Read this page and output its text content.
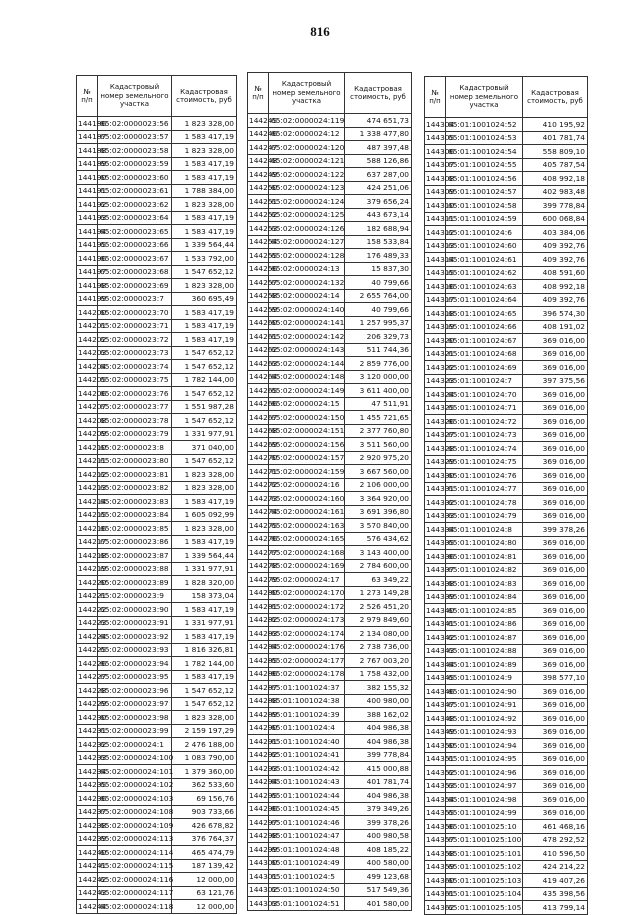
816
№ п/п	Кадастровый номер земельного участка	Кадастровая стоимость, руб
144186	65:02:0000023:56	1 823 328,00
144187	65:02:0000023:57	1 583 417,19
144188	65:02:0000023:58	1 823 328,00
144189	65:02:0000023:59	1 583 417,19
144190	65:02:0000023:60	1 583 417,19
144191	65:02:0000023:61	1 788 384,00
144192	65:02:0000023:62	1 823 328,00
144193	65:02:0000023:64	1 583 417,19
144194	65:02:0000023:65	1 583 417,19
144195	65:02:0000023:66	1 339 564,44
144196	65:02:0000023:67	1 533 792,00
144197	65:02:0000023:68	1 547 652,12
144198	65:02:0000023:69	1 823 328,00
144199	65:02:0000023:7	360 695,49
144200	65:02:0000023:70	1 583 417,19
144201	65:02:0000023:71	1 583 417,19
144202	65:02:0000023:72	1 583 417,19
144203	65:02:0000023:73	1 547 652,12
144204	65:02:0000023:74	1 547 652,12
144205	65:02:0000023:75	1 782 144,00
144206	65:02:0000023:76	1 547 652,12
144207	65:02:0000023:77	1 551 987,28
144208	65:02:0000023:78	1 547 652,12
144209	65:02:0000023:79	1 331 977,91
144210	65:02:0000023:8	371 040,00
144211	65:02:0000023:80	1 547 652,12
144212	65:02:0000023:81	1 823 328,00
144213	65:02:0000023:82	1 823 328,00
144214	65:02:0000023:83	1 583 417,19
144215	65:02:0000023:84	1 605 092,99
144216	65:02:0000023:85	1 823 328,00
144217	65:02:0000023:86	1 583 417,19
144218	65:02:0000023:87	1 339 564,44
144219	65:02:0000023:88	1 331 977,91
144220	65:02:0000023:89	1 828 320,00
144221	65:02:0000023:9	158 373,04
144222	65:02:0000023:90	1 583 417,19
144223	65:02:0000023:91	1 331 977,91
144224	65:02:0000023:92	1 583 417,19
144225	65:02:0000023:93	1 816 326,81
144226	65:02:0000023:94	1 782 144,00
144227	65:02:0000023:95	1 583 417,19
144228	65:02:0000023:96	1 547 652,12
144229	65:02:0000023:97	1 547 652,12
144230	65:02:0000023:98	1 823 328,00
144231	65:02:0000023:99	2 159 197,29
144232	65:02:0000024:1	2 476 188,00
144233	65:02:0000024:100	1 083 790,00
144234	65:02:0000024:101	1 379 360,00
144235	65:02:0000024:102	362 533,60
144236	65:02:0000024:103	69 156,76
144237	65:02:0000024:108	903 733,66
144238	65:02:0000024:109	426 678,82
144239	65:02:0000024:113	376 764,37
144240	65:02:0000024:114	465 474,79
144241	65:02:0000024:115	187 139,42
144242	65:02:0000024:116	12 000,00
144243	65:02:0000024:117	63 121,76
144244	65:02:0000024:118	12 000,00
№ п/п	Кадастровый номер земельного участка	Кадастровая стоимость, руб
144245	65:02:0000024:119	474 651,73
144246	65:02:0000024:12	1 338 477,80
144247	65:02:0000024:120	487 397,48
144248	65:02:0000024:121	588 126,86
144249	65:02:0000024:122	637 287,00
144250	65:02:0000024:123	424 251,06
144251	65:02:0000024:124	379 656,24
144252	65:02:0000024:125	443 673,14
144253	65:02:0000024:126	182 688,94
144254	65:02:0000024:127	158 533,84
144255	65:02:0000024:128	176 489,33
144256	65:02:0000024:13	15 837,30
144257	65:02:0000024:132	40 799,66
144258	65:02:0000024:14	2 655 764,00
144259	65:02:0000024:140	40 799,66
144260	65:02:0000024:141	1 257 995,37
144261	65:02:0000024:142	206 329,73
144262	65:02:0000024:143	511 744,36
144263	65:02:0000024:144	2 859 776,00
144264	65:02:0000024:148	3 120 000,00
144265	65:02:0000024:149	3 611 400,00
144266	65:02:0000024:15	47 511,91
144267	65:02:0000024:150	1 455 721,65
144268	65:02:0000024:151	2 377 760,80
144269	65:02:0000024:156	3 511 560,00
144270	65:02:0000024:157	2 920 975,20
144271	65:02:0000024:159	3 667 560,00
144272	65:02:0000024:16	2 106 000,00
144273	65:02:0000024:160	3 364 920,00
144274	65:02:0000024:161	3 691 396,80
144275	65:02:0000024:163	3 570 840,00
144276	65:02:0000024:165	576 434,62
144277	65:02:0000024:168	3 143 400,00
144278	65:02:0000024:169	2 784 600,00
144279	65:02:0000024:17	63 349,22
144280	65:02:0000024:170	1 273 149,28
144281	65:02:0000024:172	2 526 451,20
144282	65:02:0000024:173	2 979 849,60
144283	65:02:0000024:174	2 134 080,00
144284	65:02:0000024:176	2 738 736,00
144285	65:02:0000024:177	2 767 003,20
144286	65:02:0000024:178	1 758 432,00
144287	65:01:1001024:37	382 155,32
144288	65:01:1001024:38	400 980,00
144289	65:01:1001024:39	388 162,02
144290	65:01:1001024:4	404 986,38
144291	65:01:1001024:40	404 986,38
144292	65:01:1001024:41	399 778,84
144293	65:01:1001024:42	415 000,88
144294	65:01:1001024:43	401 781,74
144295	65:01:1001024:44	404 986,38
144296	65:01:1001024:45	379 349,26
144297	65:01:1001024:46	399 378,26
144298	65:01:1001024:47	400 980,58
144299	65:01:1001024:48	408 185,22
144300	65:01:1001024:49	400 580,00
144301	65:01:1001024:5	499 123,68
144302	65:01:1001024:50	517 549,36
144303	65:01:1001024:51	401 580,00
№ п/п	Кадастровый номер земельного участка	Кадастровая стоимость, руб
144304	65:01:1001024:52	410 195,92
144305	65:01:1001024:53	401 781,74
144306	65:01:1001024:54	558 809,10
144307	65:01:1001024:55	405 787,54
144308	65:01:1001024:56	408 992,18
144309	65:01:1001024:57	402 983,48
144310	65:01:1001024:58	399 778,84
144311	65:01:1001024:59	600 068,84
144312	65:01:1001024:6	403 384,06
144313	65:01:1001024:60	409 392,76
144314	65:01:1001024:61	409 392,76
144315	65:01:1001024:62	408 591,60
144316	65:01:1001024:63	408 992,18
144317	65:01:1001024:64	409 392,76
144318	65:01:1001024:65	396 574,30
144319	65:01:1001024:66	408 191,02
144320	65:01:1001024:67	369 016,00
144321	65:01:1001024:68	369 016,00
144322	65:01:1001024:69	369 016,00
144323	65:01:1001024:7	397 375,56
144324	65:01:1001024:70	369 016,00
144325	65:01:1001024:71	369 016,00
144326	65:01:1001024:72	369 016,00
144327	65:01:1001024:73	369 016,00
144328	65:01:1001024:74	369 016,00
144329	65:01:1001024:75	369 016,00
144330	65:01:1001024:76	369 016,00
144331	65:01:1001024:77	369 016,00
144332	65:01:1001024:78	369 016,00
144333	65:01:1001024:79	369 016,00
144334	65:01:1001024:8	399 378,26
144335	65:01:1001024:80	369 016,00
144336	65:01:1001024:81	369 016,00
144337	65:01:1001024:82	369 016,00
144338	65:01:1001024:83	369 016,00
144339	65:01:1001024:84	369 016,00
144340	65:01:1001024:85	369 016,00
144341	65:01:1001024:86	369 016,00
144342	65:01:1001024:87	369 016,00
144343	65:01:1001024:88	369 016,00
144344	65:01:1001024:89	369 016,00
144345	65:01:1001024:9	398 577,10
144346	65:01:1001024:90	369 016,00
144347	65:01:1001024:91	369 016,00
144348	65:01:1001024:92	369 016,00
144349	65:01:1001024:93	369 016,00
144350	65:01:1001024:94	369 016,00
144351	65:01:1001024:95	369 016,00
144352	65:01:1001024:96	369 016,00
144353	65:01:1001024:97	369 016,00
144354	65:01:1001024:98	369 016,00
144355	65:01:1001024:99	369 016,00
144356	65:01:1001025:10	461 468,16
144357	65:01:1001025:100	478 292,52
144358	65:01:1001025:101	410 596,50
144359	65:01:1001025:102	424 214,22
144360	65:01:1001025:103	419 407,26
144361	65:01:1001025:104	435 398,56
144362	65:01:1001025:105	413 799,14
